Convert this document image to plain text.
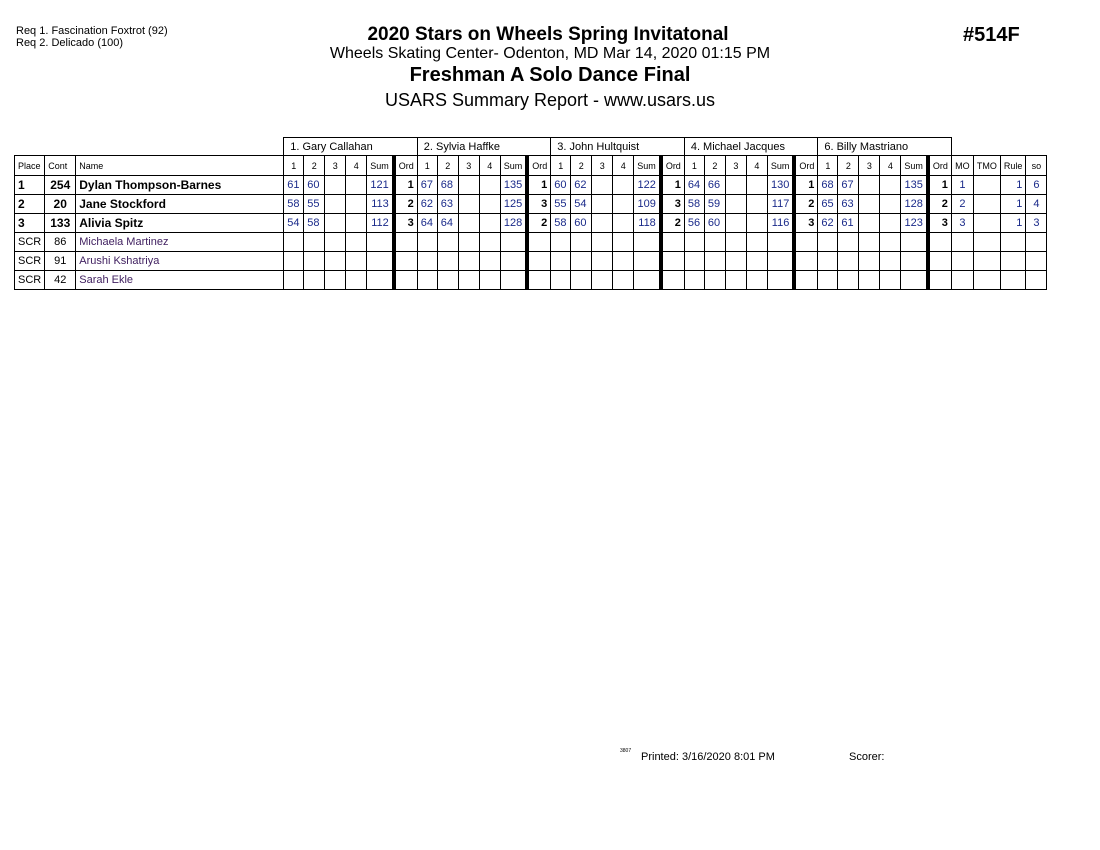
Req 1. Fascination Foxtrot (92)
Req 2. Delicado (100)	2020 Stars on Wheels Spring Invitatonal
Wheels Skating Center- Odenton, MD Mar 14, 2020 01:15 PM
Freshman A Solo Dance Final
USARS Summary Report - www.usars.us
#514F
			1. Gary Callahan						2. Sylvia Haffke						3. John Hultquist						4. Michael Jacques						6. Billy Mastriano									
Place	Cont	Name	1	2	3	4	Sum	Ord	1	2	3	4	Sum	Ord	1	2	3	4	Sum	Ord	1	2	3	4	Sum	Ord	1	2	3	4	Sum	Ord	MO	TMO	Rule	so
1	254	Dylan Thompson-Barnes	61	60			121	1	67	68			135	1	60	62			122	1	64	66			130	1	68	67			135	1	1		1	6
2	20	Jane Stockford	58	55			113	2	62	63			125	3	55	54			109	3	58	59			117	2	65	63			128	2	2		1	4
3	133	Alivia Spitz	54	58			112	3	64	64			128	2	58	60			118	2	56	60			116	3	62	61			123	3	3		1	3
SCR	86	Michaela Martinez																																		
SCR	91	Arushi Kshatriya																																		
SCR	42	Sarah Ekle																																		
3807 Printed: 3/16/2020 8:01 PM	Scorer:
